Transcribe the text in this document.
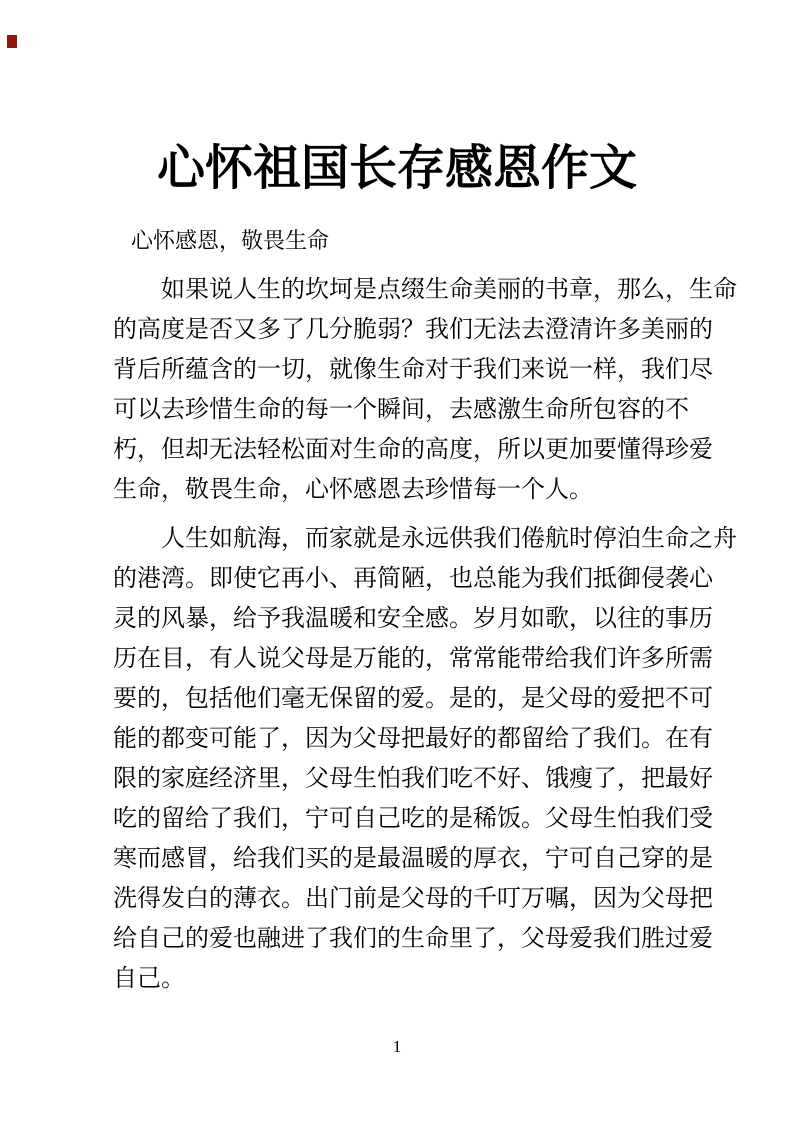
心怀祖国长存感恩作文
心怀感恩，敬畏生命
如果说人生的坎坷是点缀生命美丽的书章，那么，生命
的高度是否又多了几分脆弱？我们无法去澄清许多美丽的
背后所蕴含的一切，就像生命对于我们来说一样，我们尽
可以去珍惜生命的每一个瞬间，去感激生命所包容的不
朽，但却无法轻松面对生命的高度，所以更加要懂得珍爱
生命，敬畏生命，心怀感恩去珍惜每一个人。
人生如航海，而家就是永远供我们倦航时停泊生命之舟
的港湾。即使它再小、再简陋，也总能为我们抵御侵袭心
灵的风暴，给予我温暖和安全感。岁月如歌，以往的事历
历在目，有人说父母是万能的，常常能带给我们许多所需
要的，包括他们毫无保留的爱。是的，是父母的爱把不可
能的都变可能了，因为父母把最好的都留给了我们。在有
限的家庭经济里，父母生怕我们吃不好、饿瘦了，把最好
吃的留给了我们，宁可自己吃的是稀饭。父母生怕我们受
寒而感冒，给我们买的是最温暖的厚衣，宁可自己穿的是
洗得发白的薄衣。出门前是父母的千叮万嘱，因为父母把
给自己的爱也融进了我们的生命里了，父母爱我们胜过爱
自己。
1
